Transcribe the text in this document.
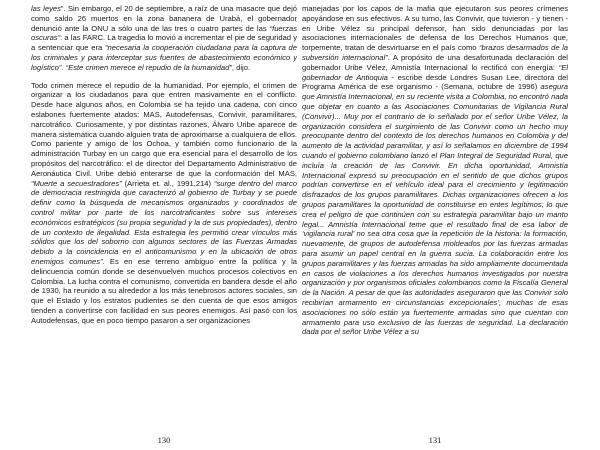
las leyes”. Sin embargo, el 20 de septiembre, a raíz de una masacre que dejó como saldo 26 muertos en la zona bananera de Urabá, el gobernador denunció ante la ONU a sólo una de las tres o cuatro partes de las “fuerzas oscuras”: a las FARC. La tragedia lo movió a incrementar el pie de seguridad y a sentenciar que era “necesaria la cooperación ciudadana para la captura de los criminales y para interceptar sus fuentes de abastecimiento económico y logístico”. “Este crimen merece el repudio de la humanidad”, dijo.

Todo crimen merece el repudio de la humanidad. Por ejemplo, el crimen de organizar a los ciudadanos para que entren masivamente en el conflicto. Desde hace algunos años, en Colombia se ha tejido una cadena, con cinco eslabones fuertemente atados: MAS, Autodefensas, Convivir, paramilitares, narcotráfico. Curiosamente, y por distintas razones, Álvaro Uribe aparece de manera sistemática cuando alguien trata de aproximarse a cualquiera de ellos. Como pariente y amigo de los Ochoa, y también como funcionario de la administración Turbay en un cargo que era esencial para el desarrollo de los propósitos del narcotráfico: el de director del Departamento Administrativo de Aeronáutica Civil. Uribe debió enterarse de que la conformación del MAS, “Muerte a secuestradores” (Arrieta et. al., 1991,214) “surge dentro del marco de democracia restringida que caracterizó al gobierno de Turbay y se puede definir como la búsqueda de mecanismos organizados y coordinados de control militar por parte de los narcotraficantes sobre sus intereses económicos estratégicos (su propia seguridad y la de sus propiedades), dentro de un contexto de ilegalidad. Esta estrategia les permitió crear vínculos más sólidos que los del soborno con algunos sectores de las Fuerzas Armadas debido a la coincidencia en el anticomunismo y en la ubicación de otros enemigos comunes”. Es en ese terreno ambiguo entre la política y la delincuencia común donde se desenvuelven muchos procesos colectivos en Colombia. La lucha contra el comunismo, convertida en bandera desde el año de 1930, ha reunido a su alrededor a los más tenebrosos actores sociales, sin que el Estado y los estratos pudientes se den cuenta de que esos amigos tienden a convertirse con facilidad en sus peores enemigos. Así pasó con los Autodefensas, que en poco tiempo pasaron a ser organizaciones

130

manejadas por los capos de la mafia que ejecutaron sus peores crímenes apoyándose en sus efectivos. A su turno, las Convivir, que tuvieron - y tienen - en Uribe Vélez su principal defensor, han sido denunciadas por las asociaciones internacionales de defensa de los Derechos Humanos que, torpemente, tratan de desvirtuarse en el país como “brazos desarmados de la subversión internacional”. A propósito de una desafortunada declaración del gobernador Uribe Vélez, Amnistía Internacional lo rectificó con energía: “El gobernador de Antioquia - escribe desde Londres Susan Lee, directora del Programa América de ese organismo - (Semana, octubre de 1996) asegura que Amnistía Internacional, en su reciente visita a Colombia, no encontró nada que objetar en cuanto a las Asociaciones Comunitarias de Vigilancia Rural (Convivir)... Muy por el contrario de lo señalado por el señor Uribe Vélez, la organización considera el surgimiento de las Convivir como un hecho muy preocupante dentro del contexto de los derechos humanos en Colombia y del aumento de la actividad paramilitar, y así lo señalamos en diciembre de 1994 cuando el gobierno colombiano lanzó el Plan Integral de Seguridad Rural, que incluía la creación de las Convivir. En dicha oportunidad, Amnistía Internacional expresó su preocupación en el sentido de que dichos grupos podrían convertirse en el vehículo ideal para el crecimiento y legitimación disfrazados de los grupos paramilitares. Dichas organizaciones ofrecen a los grupos paramilitares la oportunidad de constituirse en entes legítimos; lo que crea el peligro de que continúen con su estrategia paramilitar bajo un manto legal... Amnistía Internacional teme que el resultado final de esa labor de ‘vigilancia rural’ no sea otra cosa que la repetición de la historia: la formación, nuevamente, de grupos de autodefensa moldeados por las fuerzas armadas para asumir un papel central en la guerra sucia. La colaboración entre los grupos paramilitares y las fuerzas armadas ha sido ampliamente documentada en casos de violaciones a los derechos humanos investigados por nuestra organización y por organismos oficiales colombianos como la Fiscalía General de la Nación. A pesar de que las autoridades aseguraron que las Convivir solo recibirían armamento en circunstancias excepcionales’, muchas de esas asociaciones no sólo están ya fuertemente armadas sino que cuentan con armamento para uso exclusivo de las fuerzas de seguridad. La declaración dada por el señor Uribe Vélez a su

131
